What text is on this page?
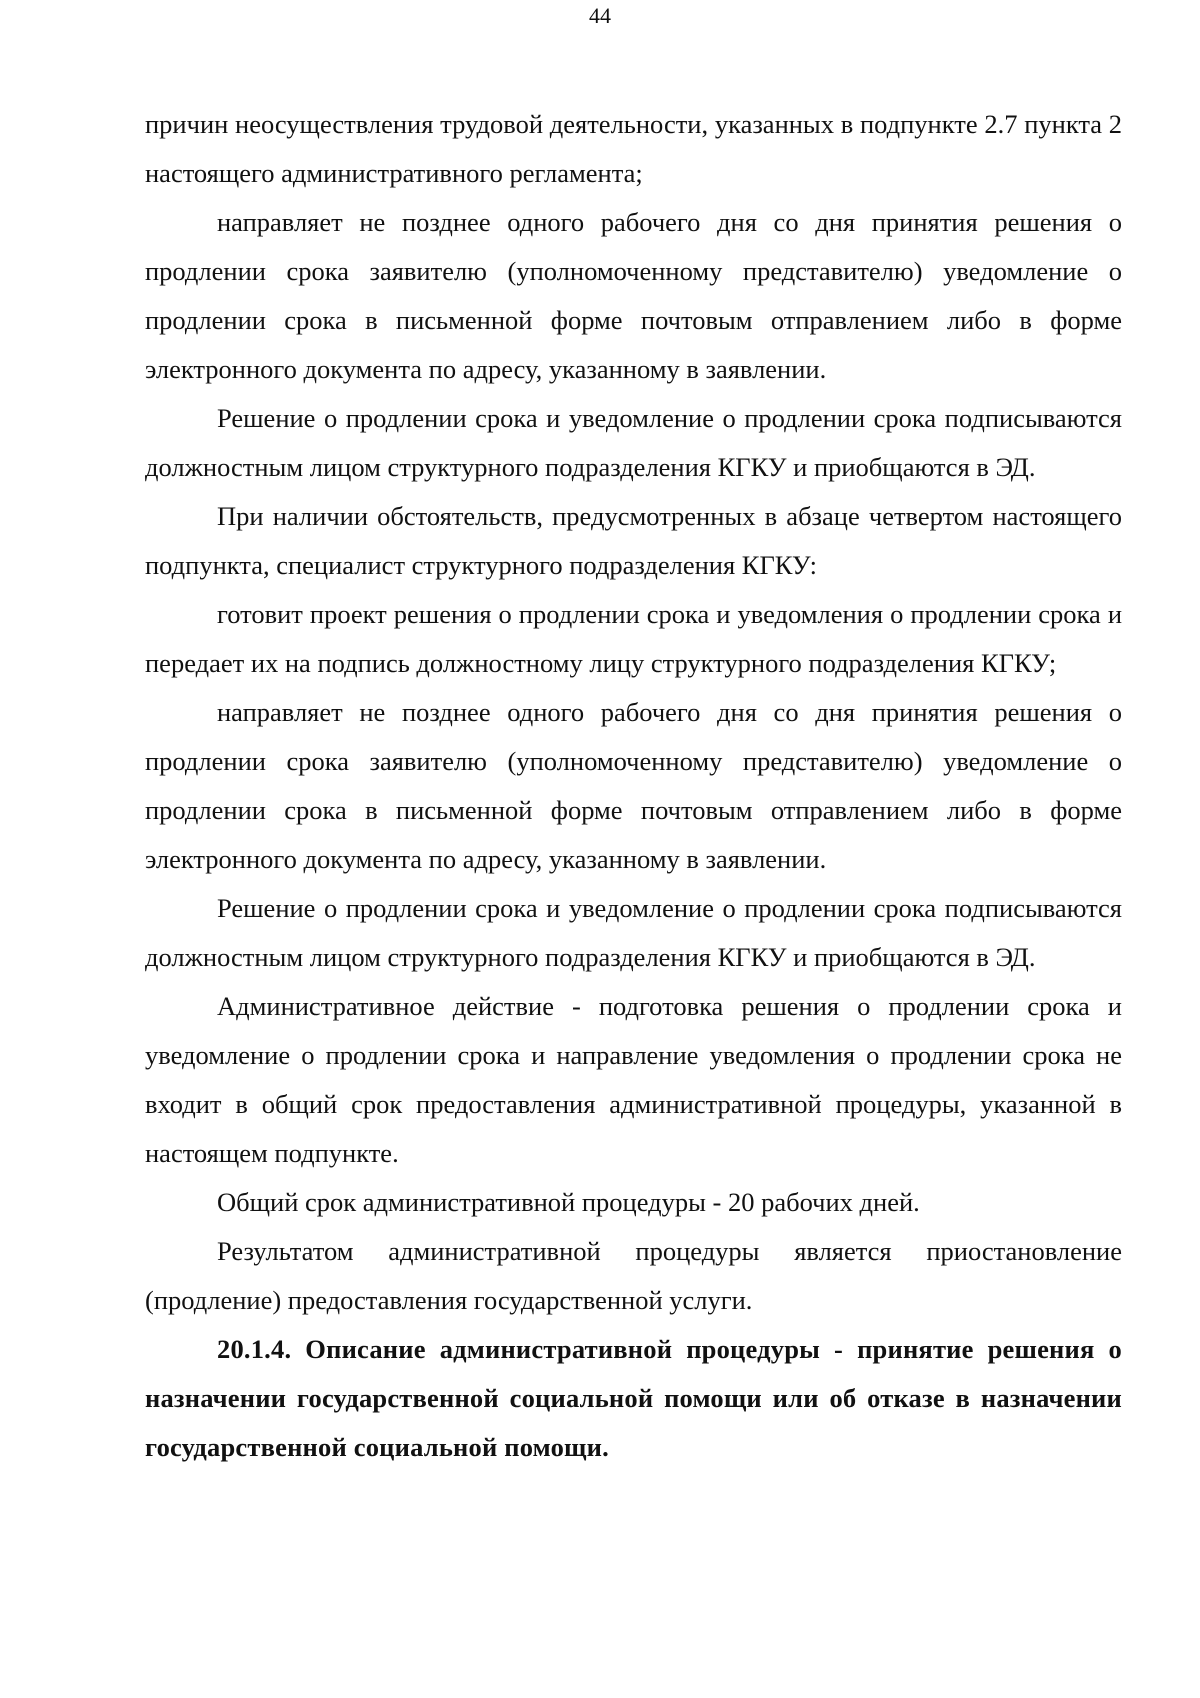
44

причин неосуществления трудовой деятельности, указанных в подпункте 2.7 пункта 2 настоящего административного регламента;

направляет не позднее одного рабочего дня со дня принятия решения о продлении срока заявителю (уполномоченному представителю) уведомление о продлении срока в письменной форме почтовым отправлением либо в форме электронного документа по адресу, указанному в заявлении.

Решение о продлении срока и уведомление о продлении срока подписываются должностным лицом структурного подразделения КГКУ и приобщаются в ЭД.

При наличии обстоятельств, предусмотренных в абзаце четвертом настоящего подпункта, специалист структурного подразделения КГКУ:

готовит проект решения о продлении срока и уведомления о продлении срока и передает их на подпись должностному лицу структурного подразделения КГКУ;

направляет не позднее одного рабочего дня со дня принятия решения о продлении срока заявителю (уполномоченному представителю) уведомление о продлении срока в письменной форме почтовым отправлением либо в форме электронного документа по адресу, указанному в заявлении.

Решение о продлении срока и уведомление о продлении срока подписываются должностным лицом структурного подразделения КГКУ и приобщаются в ЭД.

Административное действие - подготовка решения о продлении срока и уведомление о продлении срока и направление уведомления о продлении срока не входит в общий срок предоставления административной процедуры, указанной в настоящем подпункте.

Общий срок административной процедуры - 20 рабочих дней.

Результатом административной процедуры является приостановление (продление) предоставления государственной услуги.

20.1.4. Описание административной процедуры - принятие решения о назначении государственной социальной помощи или об отказе в назначении государственной социальной помощи.
